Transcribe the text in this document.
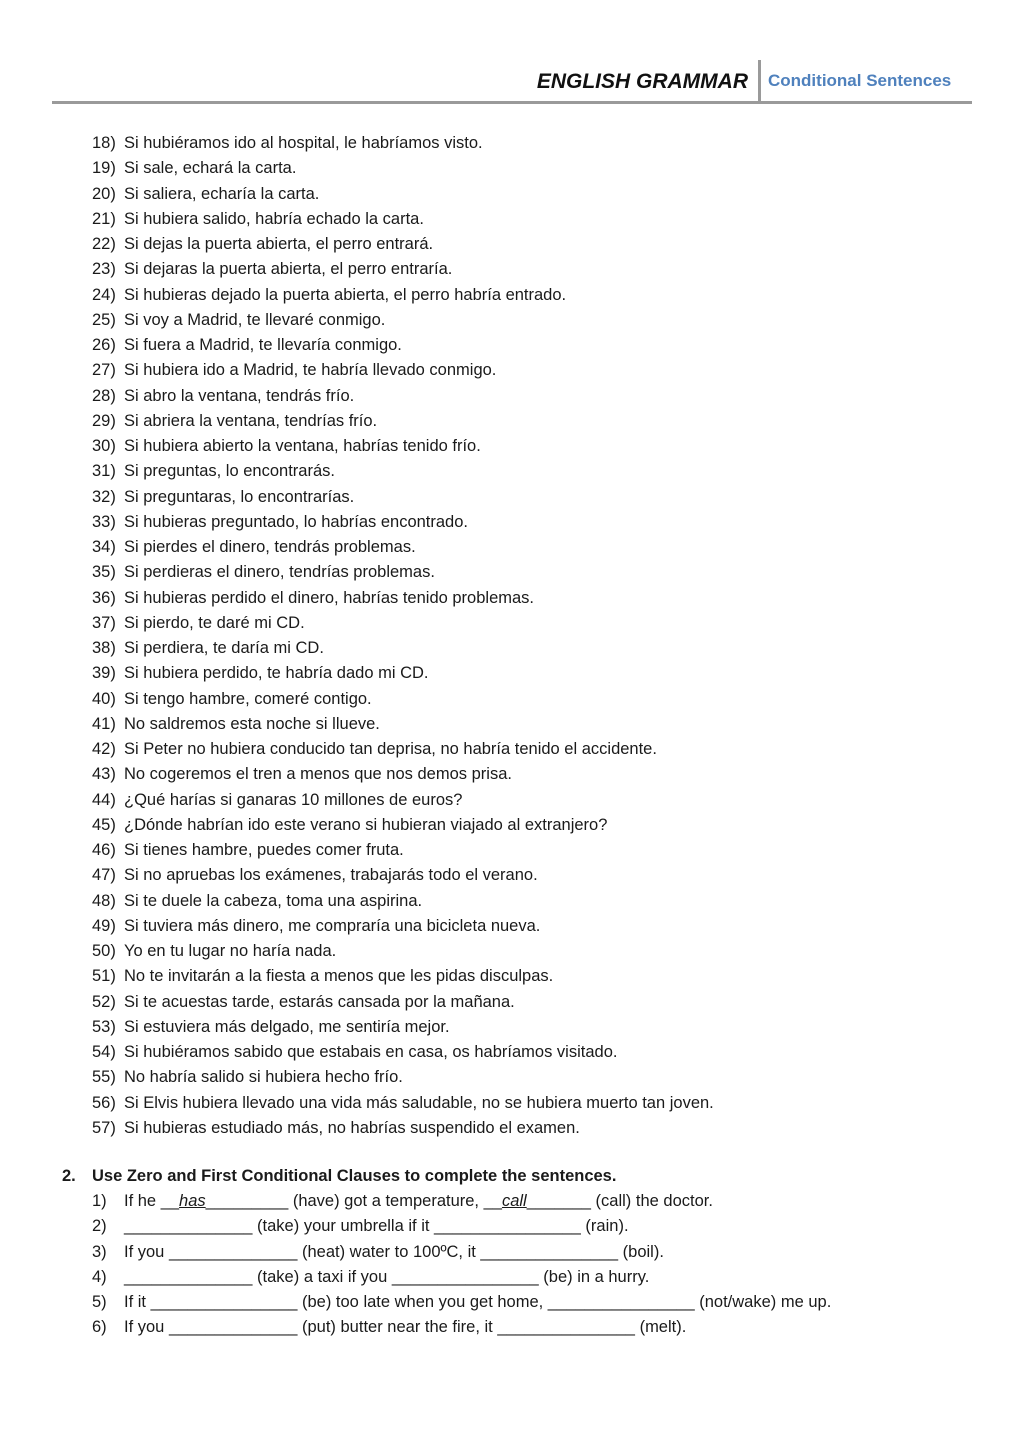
ENGLISH GRAMMAR Conditional Sentences
18) Si hubiéramos ido al hospital, le habríamos visto.
19) Si sale, echará la carta.
20) Si saliera, echaría la carta.
21) Si hubiera salido, habría echado la carta.
22) Si dejas la puerta abierta, el perro entrará.
23) Si dejaras la puerta abierta, el perro entraría.
24) Si hubieras dejado la puerta abierta, el perro habría entrado.
25) Si voy a Madrid, te llevaré conmigo.
26) Si fuera a Madrid, te llevaría conmigo.
27) Si hubiera ido a Madrid, te habría llevado conmigo.
28) Si abro la ventana, tendrás frío.
29) Si abriera la ventana, tendrías frío.
30) Si hubiera abierto la ventana, habrías tenido frío.
31) Si preguntas, lo encontrarás.
32) Si preguntaras, lo encontrarías.
33) Si hubieras preguntado, lo habrías encontrado.
34) Si pierdes el dinero, tendrás problemas.
35) Si perdieras el dinero, tendrías problemas.
36) Si hubieras perdido el dinero, habrías tenido problemas.
37) Si pierdo, te daré mi CD.
38) Si perdiera, te daría mi CD.
39) Si hubiera perdido, te habría dado mi CD.
40) Si tengo hambre, comeré contigo.
41) No saldremos esta noche si llueve.
42) Si Peter no hubiera conducido tan deprisa, no habría tenido el accidente.
43) No cogeremos el tren a menos que nos demos prisa.
44) ¿Qué harías si ganaras 10 millones de euros?
45) ¿Dónde habrían ido este verano si hubieran viajado al extranjero?
46) Si tienes hambre, puedes comer fruta.
47) Si no apruebas los exámenes, trabajarás todo el verano.
48) Si te duele la cabeza, toma una aspirina.
49) Si tuviera más dinero, me compraría una bicicleta nueva.
50) Yo en tu lugar no haría nada.
51) No te invitarán a la fiesta a menos que les pidas disculpas.
52) Si te acuestas tarde, estarás cansada por la mañana.
53) Si estuviera más delgado, me sentiría mejor.
54) Si hubiéramos sabido que estabais en casa, os habríamos visitado.
55) No habría salido si hubiera hecho frío.
56) Si Elvis hubiera llevado una vida más saludable, no se hubiera muerto tan joven.
57) Si hubieras estudiado más, no habrías suspendido el examen.
2. Use Zero and First Conditional Clauses to complete the sentences.
1) If he __has_________ (have) got a temperature, __call_______ (call) the doctor.
2) ______________ (take) your umbrella if it ________________ (rain).
3) If you ______________ (heat) water to 100ºC, it _______________ (boil).
4) ______________ (take) a taxi if you ________________ (be) in a hurry.
5) If it ________________ (be) too late when you get home, ________________ (not/wake) me up.
6) If you ______________ (put) butter near the fire, it _______________ (melt).
